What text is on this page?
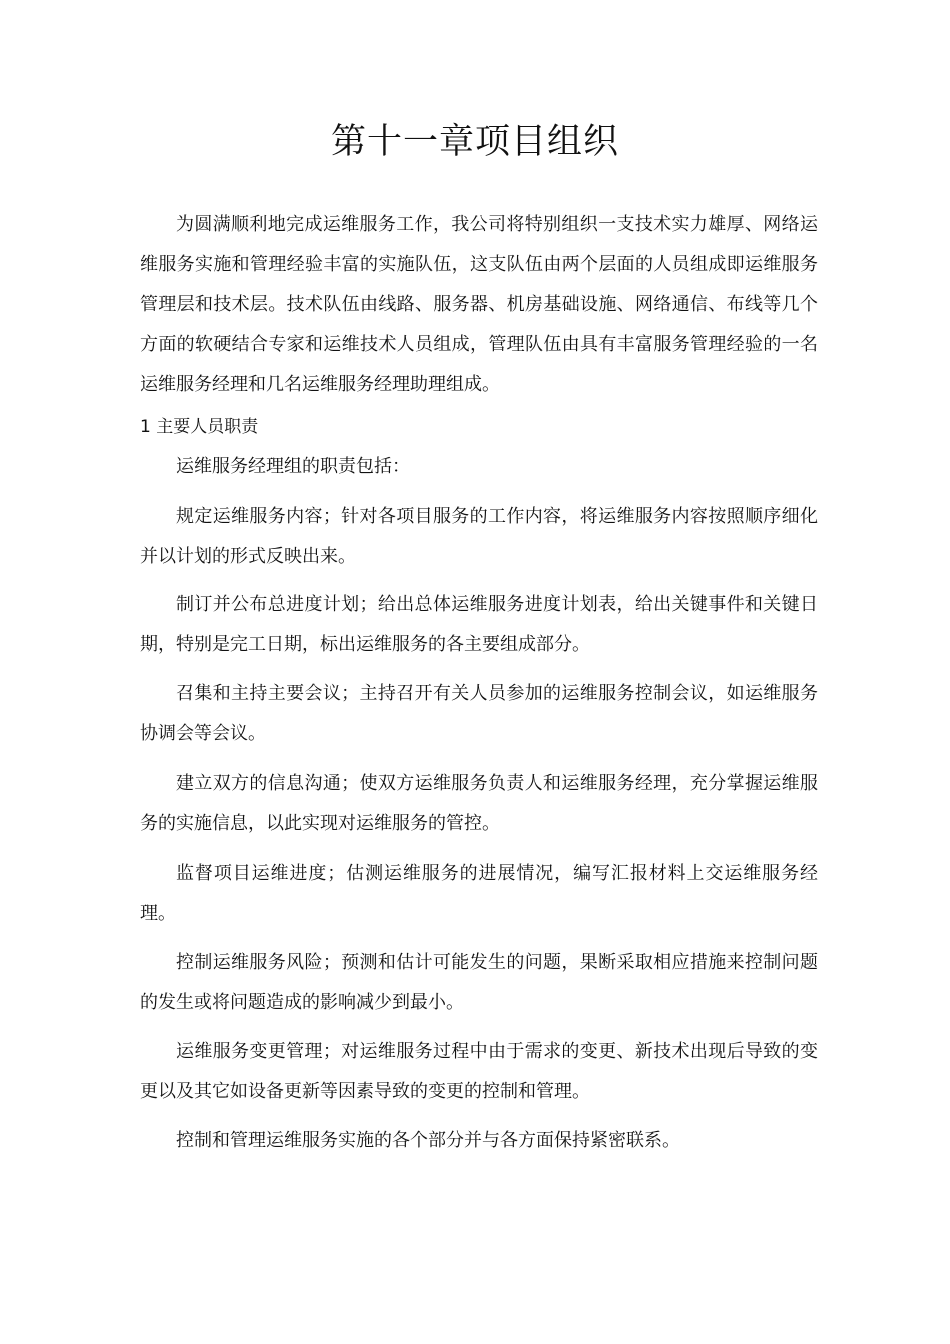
第十一章项目组织

为圆满顺利地完成运维服务工作，我公司将特别组织一支技术实力雄厚、网络运维服务实施和管理经验丰富的实施队伍，这支队伍由两个层面的人员组成即运维服务管理层和技术层。技术队伍由线路、服务器、机房基础设施、网络通信、布线等几个方面的软硬结合专家和运维技术人员组成，管理队伍由具有丰富服务管理经验的一名运维服务经理和几名运维服务经理助理组成。

1 主要人员职责

运维服务经理组的职责包括：

规定运维服务内容；针对各项目服务的工作内容，将运维服务内容按照顺序细化并以计划的形式反映出来。

制订并公布总进度计划；给出总体运维服务进度计划表，给出关键事件和关键日期，特别是完工日期，标出运维服务的各主要组成部分。

召集和主持主要会议；主持召开有关人员参加的运维服务控制会议，如运维服务协调会等会议。

建立双方的信息沟通；使双方运维服务负责人和运维服务经理，充分掌握运维服务的实施信息，以此实现对运维服务的管控。

监督项目运维进度；估测运维服务的进展情况，编写汇报材料上交运维服务经理。

控制运维服务风险；预测和估计可能发生的问题，果断采取相应措施来控制问题的发生或将问题造成的影响减少到最小。

运维服务变更管理；对运维服务过程中由于需求的变更、新技术出现后导致的变更以及其它如设备更新等因素导致的变更的控制和管理。

控制和管理运维服务实施的各个部分并与各方面保持紧密联系。
